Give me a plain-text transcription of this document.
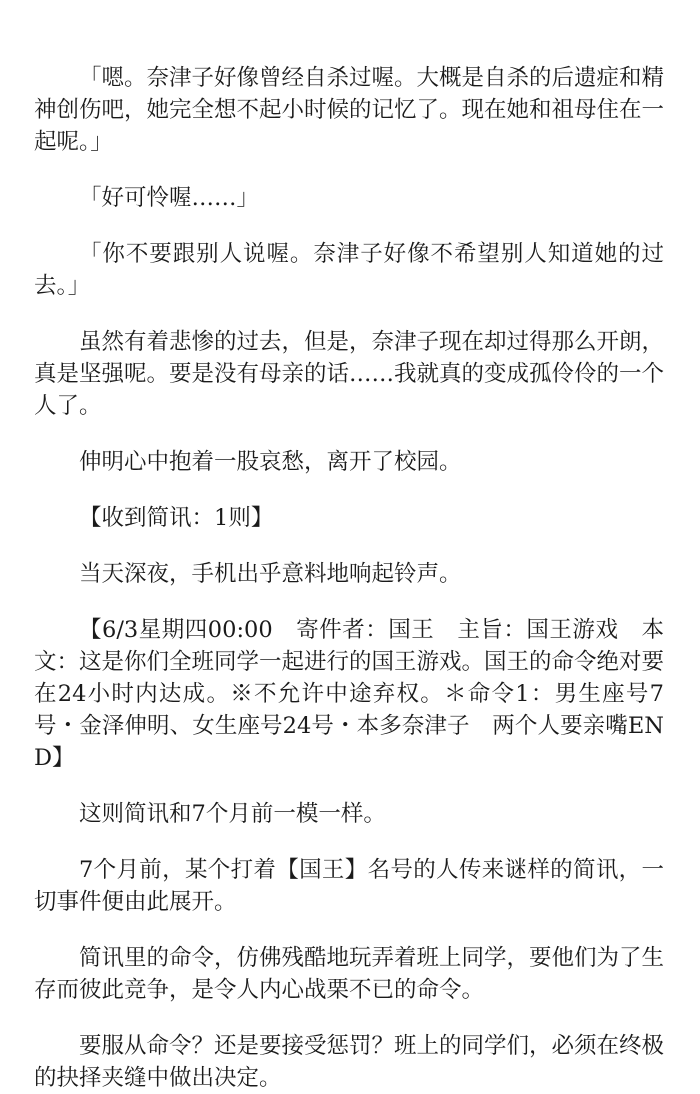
「嗯。奈津子好像曾经自杀过喔。大概是自杀的后遗症和精神创伤吧，她完全想不起小时候的记忆了。现在她和祖母住在一起呢。」

「好可怜喔……」

「你不要跟别人说喔。奈津子好像不希望别人知道她的过去。」

虽然有着悲惨的过去，但是，奈津子现在却过得那么开朗，真是坚强呢。要是没有母亲的话……我就真的变成孤伶伶的一个人了。

伸明心中抱着一股哀愁，离开了校园。

【收到简讯：1则】

当天深夜，手机出乎意料地响起铃声。

【6/3星期四00:00　寄件者：国王　主旨：国王游戏　本文：这是你们全班同学一起进行的国王游戏。国王的命令绝对要在24小时内达成。※不允许中途弃权。＊命令1：男生座号7号・金泽伸明、女生座号24号・本多奈津子　两个人要亲嘴END】

这则简讯和7个月前一模一样。

7个月前，某个打着【国王】名号的人传来谜样的简讯，一切事件便由此展开。

简讯里的命令，仿佛残酷地玩弄着班上同学，要他们为了生存而彼此竞争，是令人内心战栗不已的命令。

要服从命令？还是要接受惩罚？班上的同学们，必须在终极的抉择夹缝中做出决定。
